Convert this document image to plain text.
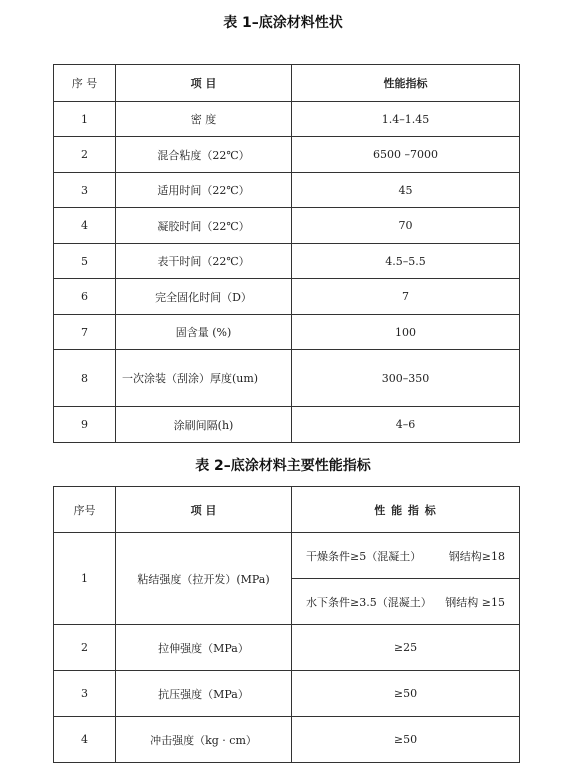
表 1–底涂材料性状
序 号	项 目	性能指标
1	密 度	1.4–1.45
2	混合粘度（22℃）	6500 –7000
3	适用时间（22℃）	45
4	凝胶时间（22℃）	70
5	表干时间（22℃）	4.5–5.5
6	完全固化时间（D）	7
7	固含量 (%)	100
8	一次涂装（刮涂）厚度(um)	300–350
9	涂刷间隔(h)	4–6
表 2–底涂材料主要性能指标
序号	项 目	性 能 指 标
1	粘结强度（拉开发）(MPa)	干燥条件≥5（混凝土） 钢结构≥18

		水下条件≥3.5（混凝土） 钢结构 ≥15

2	拉伸强度（MPa）	≥25
3	抗压强度（MPa）	≥50
4	冲击强度（kg · cm）	≥50
